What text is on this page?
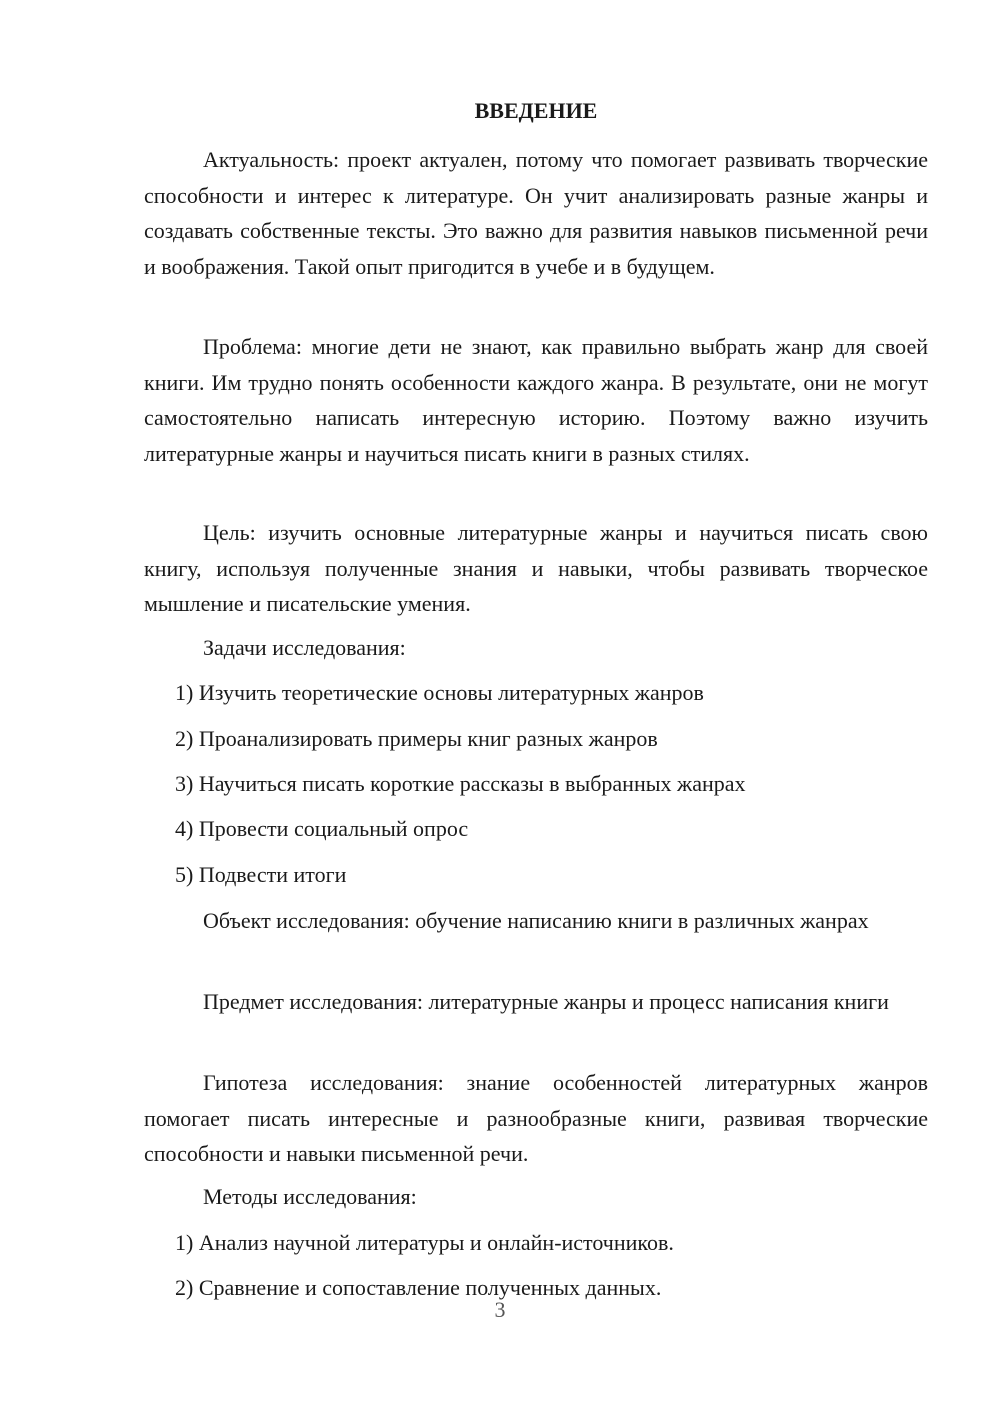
ВВЕДЕНИЕ
Актуальность: проект актуален, потому что помогает развивать творческие способности и интерес к литературе. Он учит анализировать разные жанры и создавать собственные тексты. Это важно для развития навыков письменной речи и воображения. Такой опыт пригодится в учебе и в будущем.
Проблема: многие дети не знают, как правильно выбрать жанр для своей книги. Им трудно понять особенности каждого жанра. В результате, они не могут самостоятельно написать интересную историю. Поэтому важно изучить литературные жанры и научиться писать книги в разных стилях.
Цель: изучить основные литературные жанры и научиться писать свою книгу, используя полученные знания и навыки, чтобы развивать творческое мышление и писательские умения.
Задачи исследования:
1) Изучить теоретические основы литературных жанров
2) Проанализировать примеры книг разных жанров
3) Научиться писать короткие рассказы в выбранных жанрах
4) Провести социальный опрос
5) Подвести итоги
Объект исследования: обучение написанию книги в различных жанрах
Предмет исследования: литературные жанры и процесс написания книги
Гипотеза исследования: знание особенностей литературных жанров помогает писать интересные и разнообразные книги, развивая творческие способности и навыки письменной речи.
Методы исследования:
1) Анализ научной литературы и онлайн-источников.
2) Сравнение и сопоставление полученных данных.
3
